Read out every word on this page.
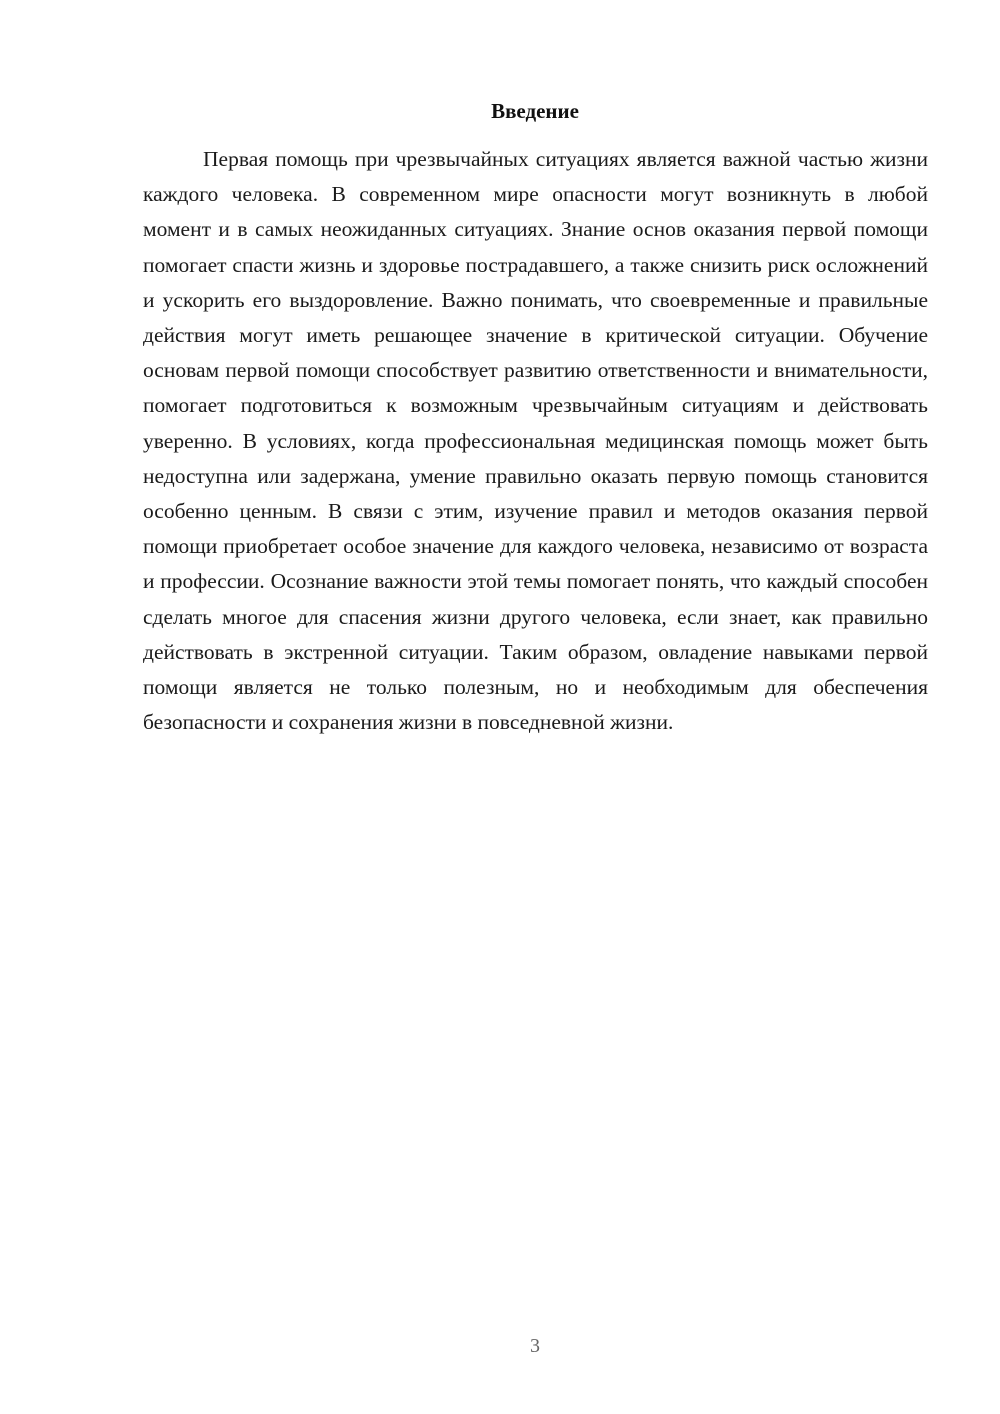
Введение

Первая помощь при чрезвычайных ситуациях является важной частью жизни каждого человека. В современном мире опасности могут возникнуть в любой момент и в самых неожиданных ситуациях. Знание основ оказания первой помощи помогает спасти жизнь и здоровье пострадавшего, а также снизить риск осложнений и ускорить его выздоровление. Важно понимать, что своевременные и правильные действия могут иметь решающее значение в критической ситуации. Обучение основам первой помощи способствует развитию ответственности и внимательности, помогает подготовиться к возможным чрезвычайным ситуациям и действовать уверенно. В условиях, когда профессиональная медицинская помощь может быть недоступна или задержана, умение правильно оказать первую помощь становится особенно ценным. В связи с этим, изучение правил и методов оказания первой помощи приобретает особое значение для каждого человека, независимо от возраста и профессии. Осознание важности этой темы помогает понять, что каждый способен сделать многое для спасения жизни другого человека, если знает, как правильно действовать в экстренной ситуации. Таким образом, овладение навыками первой помощи является не только полезным, но и необходимым для обеспечения безопасности и сохранения жизни в повседневной жизни.

3
